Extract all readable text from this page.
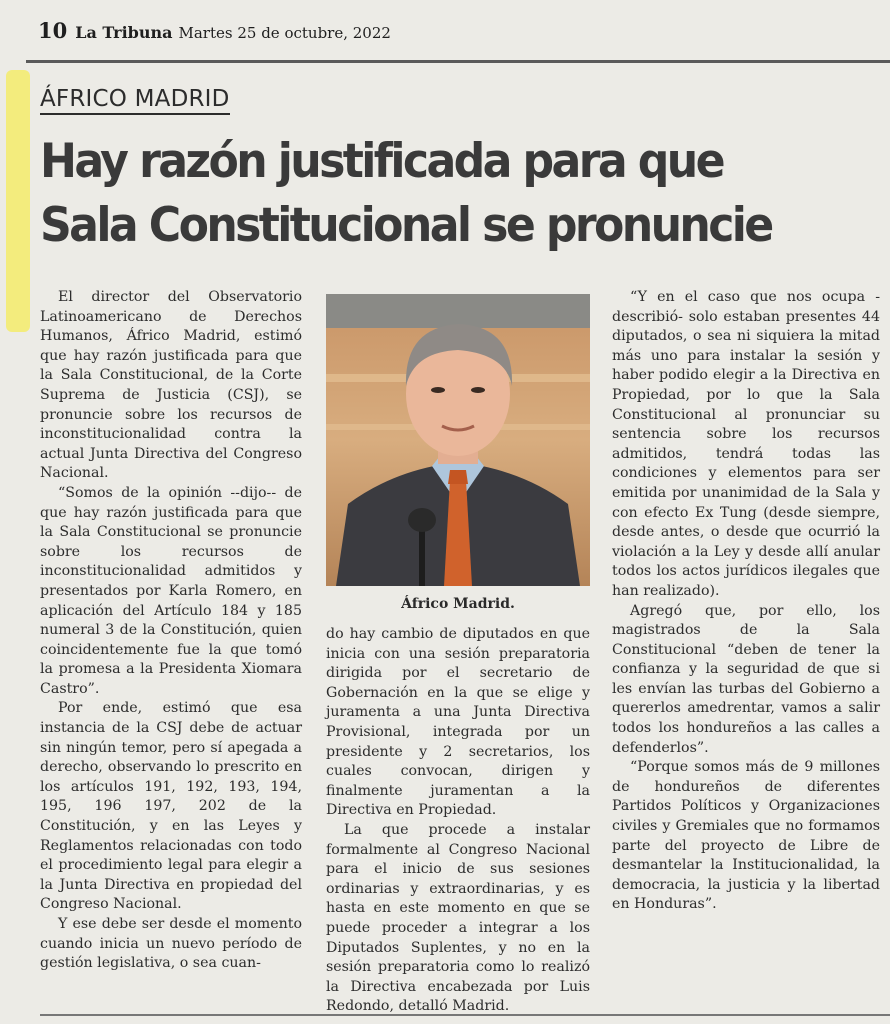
10 La Tribuna Martes 25 de octubre, 2022
ÁFRICO MADRID
Hay razón justificada para que
Sala Constitucional se pronuncie

El director del Observatorio Latinoamericano de Derechos Humanos, Áfrico Madrid, estimó que hay razón justificada para que la Sala Constitucional, de la Corte Suprema de Justicia (CSJ), se pronuncie sobre los recursos de inconstitucionalidad contra la actual Junta Directiva del Congreso Nacional.

“Somos de la opinión --dijo-- de que hay razón justificada para que la Sala Constitucional se pronuncie sobre los recursos de inconstitucionalidad admitidos y presentados por Karla Romero, en aplicación del Artículo 184 y 185 numeral 3 de la Constitución, quien coincidentemente fue la que tomó la promesa a la Presidenta Xiomara Castro”.

Por ende, estimó que esa instancia de la CSJ debe de actuar sin ningún temor, pero sí apegada a derecho, observando lo prescrito en los artículos 191, 192, 193, 194, 195, 196 197, 202 de la Constitución, y en las Leyes y Reglamentos relacionadas con todo el procedimiento legal para elegir a la Junta Directiva en propiedad del Congreso Nacional.

Y ese debe ser desde el momento cuando inicia un nuevo período de gestión legislativa, o sea cuan-

Áfrico Madrid.

do hay cambio de diputados en que inicia con una sesión preparatoria dirigida por el secretario de Gobernación en la que se elige y juramenta a una Junta Directiva Provisional, integrada por un presidente y 2 secretarios, los cuales convocan, dirigen y finalmente juramentan a la Directiva en Propiedad.

La que procede a instalar formalmente al Congreso Nacional para el inicio de sus sesiones ordinarias y extraordinarias, y es hasta en este momento en que se puede proceder a integrar a los Diputados Suplentes, y no en la sesión preparatoria como lo realizó la Directiva encabezada por Luis Redondo, detalló Madrid.

“Y en el caso que nos ocupa -describió- solo estaban presentes 44 diputados, o sea ni siquiera la mitad más uno para instalar la sesión y haber podido elegir a la Directiva en Propiedad, por lo que la Sala Constitucional al pronunciar su sentencia sobre los recursos admitidos, tendrá todas las condiciones y elementos para ser emitida por unanimidad de la Sala y con efecto Ex Tung (desde siempre, desde antes, o desde que ocurrió la violación a la Ley y desde allí anular todos los actos jurídicos ilegales que han realizado).

Agregó que, por ello, los magistrados de la Sala Constitucional “deben de tener la confianza y la seguridad de que si les envían las turbas del Gobierno a quererlos amedrentar, vamos a salir todos los hondureños a las calles a defenderlos”.

“Porque somos más de 9 millones de hondureños de diferentes Partidos Políticos y Organizaciones civiles y Gremiales que no formamos parte del proyecto de Libre de desmantelar la Institucionalidad, la democracia, la justicia y la libertad en Honduras”.
